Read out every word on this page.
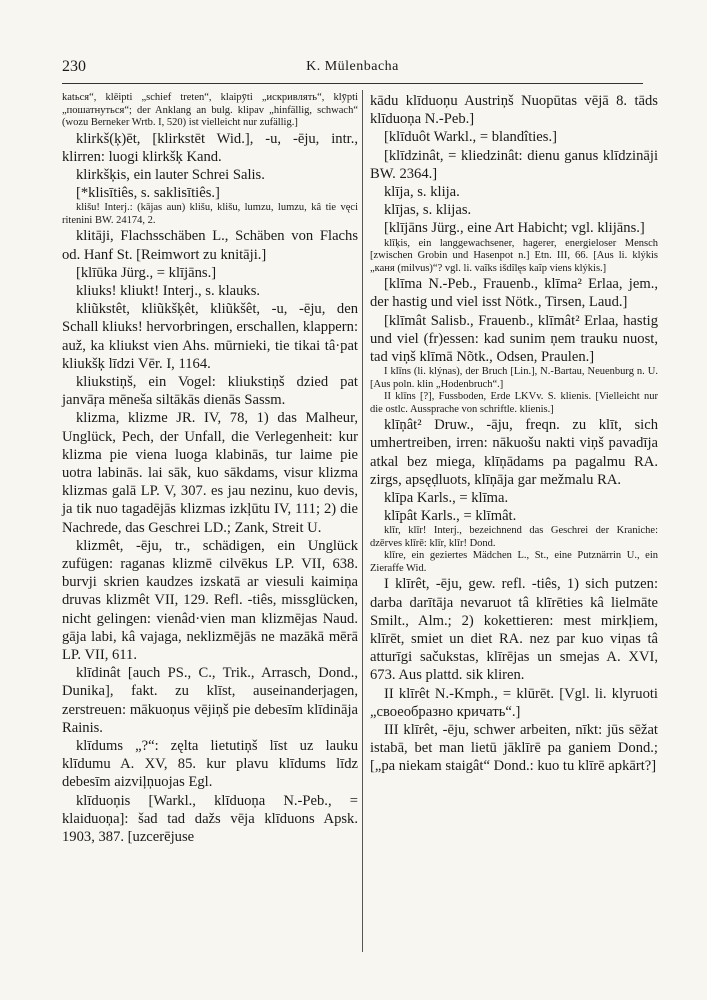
230	K. Mülenbacha

katься“, klēipti „schief treten“, klaipȳti „искривлять“, klȳpti „пошатнуться“; der Anklang an bulg. klipav „hinfällig, schwach“ (wozu Berneker Wrtb. I, 520) ist vielleicht nur zufällig.]

klirkš(ķ)ēt, [klirkstēt Wid.], -u, -ēju, intr., klirren: luogi klirkšķ Kand.

klirkšķis, ein lauter Schrei Salis.

[*klisītiês, s. saklisītiês.]

klišu! Interj.: (kājas aun) klišu, klišu, lumzu, lumzu, kâ tie vęci ritenini BW. 24174, 2.

klitāji, Flachsschäben L., Schäben von Flachs od. Hanf St. [Reimwort zu knitāji.]

[klīūka Jürg., = klījāns.]

kliuks! kliukt! Interj., s. klauks.

kliũkstêt, kliũkšķêt, kliũkšêt, -u, -ēju, den Schall kliuks! hervorbringen, erschallen, klappern: auž, ka kliukst vien Ahs. mūrnieki, tie tikai tâ·pat kliukšķ līdzi Vēr. I, 1164.

kliukstiņš, ein Vogel: kliukstiņš dzied pat janvāŗa mēneša siltākās dienās Sassm.

klizma, klizme JR. IV, 78, 1) das Malheur, Unglück, Pech, der Unfall, die Verlegenheit: kur klizma pie viena luoga klabinās, tur laime pie uotra labinās. lai sāk, kuo sākdams, visur klizma klizmas galā LP. V, 307. es jau nezinu, kuo devis, ja tik nuo tagadējās klizmas izkļūtu IV, 111; 2) die Nachrede, das Geschrei LD.; Zank, Streit U.

klizmêt, -ēju, tr., schädigen, ein Unglück zufügen: raganas klizmē cilvēkus LP. VII, 638. burvji skrien kaudzes izskatā ar viesuli kaimiņa druvas klizmêt VII, 129. Refl. -tiês, missglücken, nicht gelingen: vienâd·vien man klizmējas Naud. gāja labi, kâ vajaga, neklizmējās ne mazākā mērā LP. VII, 611.

klīdinât [auch PS., C., Trik., Arrasch, Dond., Dunika], fakt. zu klīst, auseinanderjagen, zerstreuen: mākuoņus vējiņš pie debesīm klīdināja Rainis.

klīdums „?“: zęlta lietutiņš līst uz lauku klīdumu A. XV, 85. kur plavu klīdums līdz debesīm aizviļņuojas Egl.

klīduoņis [Warkl., klīduoņa N.-Peb., = klaiduoņa]: šad tad dažs vēja klīduons Apsk. 1903, 387. [uzcerējuse

kādu klīduoņu Austriņš Nuopūtas vējā 8. tāds klīduoņa N.-Peb.]

[klīduôt Warkl., = blandîties.]

[klīdzinât, = kliedzinât: dienu ganus klīdzināji BW. 2364.]

klīja, s. klija.

klījas, s. klijas.

[klījāns Jürg., eine Art Habicht; vgl. klijāns.]

klīķis, ein langgewachsener, hagerer, energieloser Mensch [zwischen Grobin und Hasenpot n.] Etn. III, 66. [Aus li. klýkis „каня (milvus)“? vgl. li. vaĩks išdîlęs kaĩp viens klýkis.]

[klīma N.-Peb., Frauenb., klīma² Erlaa, jem., der hastig und viel isst Nötk., Tirsen, Laud.]

[klīmât Salisb., Frauenb., klīmât² Erlaa, hastig und viel (fr)essen: kad sunim ņem trauku nuost, tad viņš klīmā Nõtk., Odsen, Praulen.]

I klīns (li. klýnas), der Bruch [Lin.], N.-Bartau, Neuenburg n. U. [Aus poln. klin „Hodenbruch“.]

II klīns [?], Fussboden, Erde LKVv. S. klienis. [Vielleicht nur die ostlc. Aussprache von schriftle. klienis.]

klīņât² Druw., -āju, freqn. zu klīt, sich umhertreiben, irren: nākuošu nakti viņš pavadīja atkal bez miega, klīņādams pa pagalmu RA. zirgs, apsęḍluots, klīņāja gar mežmalu RA.

klīpa Karls., = klīma.

klīpât Karls., = klīmât.

klīr, klīr! Interj., bezeichnend das Geschrei der Kraniche: dzērves klīrē: klīr, klīr! Dond.

klīre, ein geziertes Mädchen L., St., eine Putznärrin U., ein Zieraffe Wid.

I klīrêt, -ēju, gew. refl. -tiês, 1) sich putzen: darba darītāja nevaruot tâ klīrēties kâ lielmāte Smilt., Alm.; 2) kokettieren: mest mirkļiem, klīrēt, smiet un diet RA. nez par kuo viņas tâ atturīgi sačukstas, klīrējas un smejas A. XVI, 673. Aus plattd. sik kliren.

II klīrêt N.-Kmph., = klūrēt. [Vgl. li. klyruoti „своеобразно кричать“.]

III klīrêt, -ēju, schwer arbeiten, nīkt: jūs sēžat istabā, bet man lietū jāklīrē pa ganiem Dond.; [„pa niekam staigât“ Dond.: kuo tu klīrē apkārt?]
